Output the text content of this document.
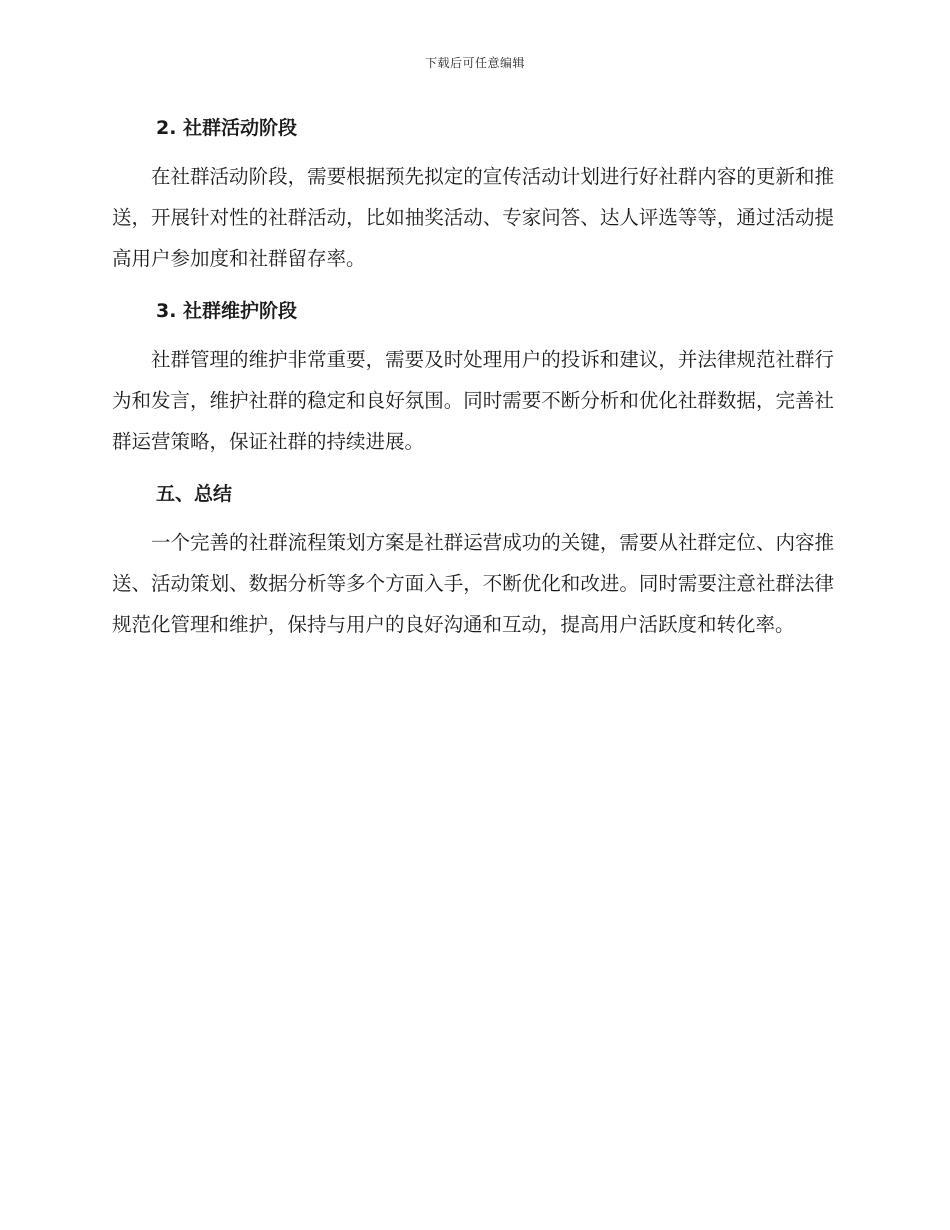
下载后可任意编辑
2. 社群活动阶段

在社群活动阶段，需要根据预先拟定的宣传活动计划进行好社群内容的更新和推送，开展针对性的社群活动，比如抽奖活动、专家问答、达人评选等等，通过活动提高用户参加度和社群留存率。

3. 社群维护阶段

社群管理的维护非常重要，需要及时处理用户的投诉和建议，并法律规范社群行为和发言，维护社群的稳定和良好氛围。同时需要不断分析和优化社群数据，完善社群运营策略，保证社群的持续进展。

五、总结

一个完善的社群流程策划方案是社群运营成功的关键，需要从社群定位、内容推送、活动策划、数据分析等多个方面入手，不断优化和改进。同时需要注意社群法律规范化管理和维护，保持与用户的良好沟通和互动，提高用户活跃度和转化率。
